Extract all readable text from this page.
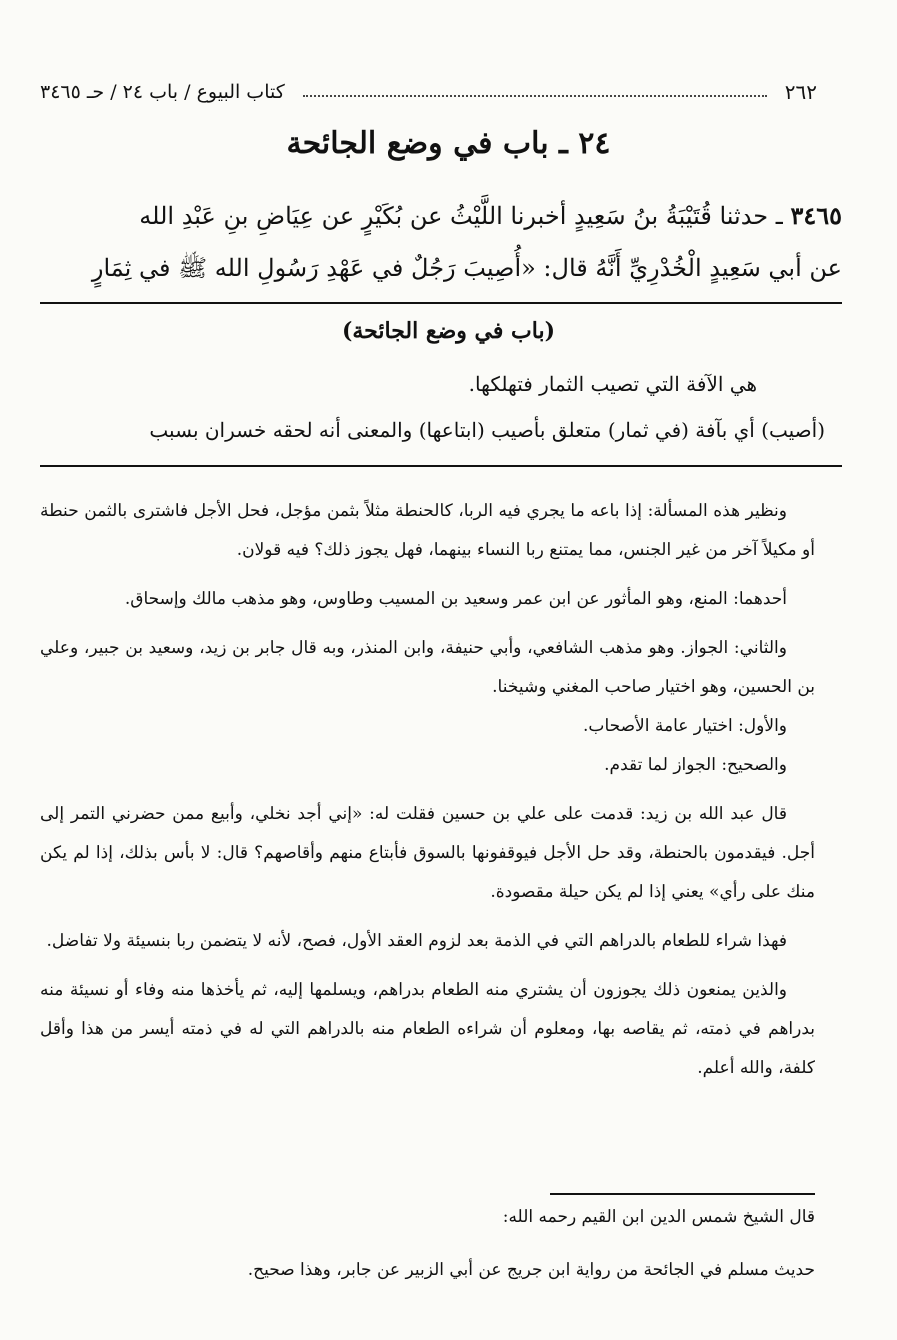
٢٦٢
كتاب البيوع / باب ٢٤ / حـ ٣٤٦٥
٢٤ ـ باب في وضع الجائحة
٣٤٦٥ ـ حدثنا قُتَيْبَةُ بنُ سَعِيدٍ أخبرنا اللَّيْثُ عن بُكَيْرٍ عن عِيَاضِ بنِ عَبْدِ الله
عن أبي سَعِيدٍ الْخُدْرِيِّ أَنَّهُ قال: «أُصِيبَ رَجُلٌ في عَهْدِ رَسُولِ الله ﷺ في ثِمَارٍ
(باب في وضع الجائحة)
هي الآفة التي تصيب الثمار فتهلكها.
(أصيب) أي بآفة (في ثمار) متعلق بأصيب (ابتاعها) والمعنى أنه لحقه خسران بسبب

ونظير هذه المسألة: إذا باعه ما يجري فيه الربا، كالحنطة مثلاً بثمن مؤجل، فحل الأجل فاشترى بالثمن حنطة أو مكيلاً آخر من غير الجنس، مما يمتنع ربا النساء بينهما، فهل يجوز ذلك؟ فيه قولان.

أحدهما: المنع، وهو المأثور عن ابن عمر وسعيد بن المسيب وطاوس، وهو مذهب مالك وإسحاق.

والثاني: الجواز. وهو مذهب الشافعي، وأبي حنيفة، وابن المنذر، وبه قال جابر بن زيد، وسعيد بن جبير، وعلي بن الحسين، وهو اختيار صاحب المغني وشيخنا.

والأول: اختيار عامة الأصحاب.

والصحيح: الجواز لما تقدم.

قال عبد الله بن زيد: قدمت على علي بن حسين فقلت له: «إني أجد نخلي، وأبيع ممن حضرني التمر إلى أجل. فيقدمون بالحنطة، وقد حل الأجل فيوقفونها بالسوق فأبتاع منهم وأقاصهم؟ قال: لا بأس بذلك، إذا لم يكن منك على رأي» يعني إذا لم يكن حيلة مقصودة.

فهذا شراء للطعام بالدراهم التي في الذمة بعد لزوم العقد الأول، فصح، لأنه لا يتضمن ربا بنسيئة ولا تفاضل.

والذين يمنعون ذلك يجوزون أن يشتري منه الطعام بدراهم، ويسلمها إليه، ثم يأخذها منه وفاء أو نسيئة منه بدراهم في ذمته، ثم يقاصه بها، ومعلوم أن شراءه الطعام منه بالدراهم التي له في ذمته أيسر من هذا وأقل كلفة، والله أعلم.

قال الشيخ شمس الدين ابن القيم رحمه الله:
حديث مسلم في الجائحة من رواية ابن جريج عن أبي الزبير عن جابر، وهذا صحيح.
